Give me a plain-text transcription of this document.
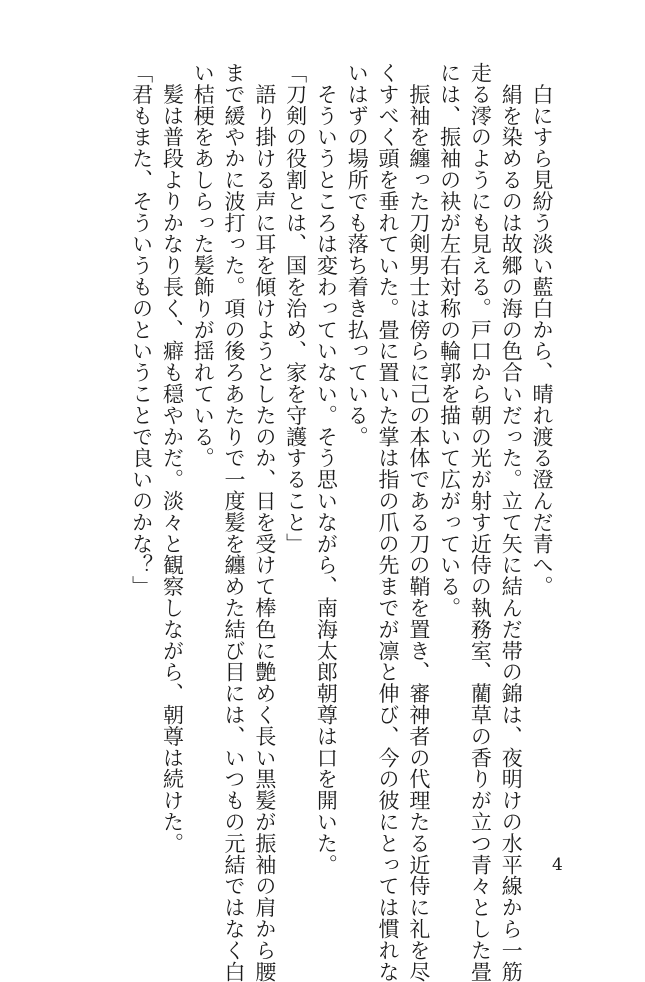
　白にすら見紛う淡い藍白から、晴れ渡る澄んだ青へ。
　絹を染めるのは故郷の海の色合いだった。立て矢に結んだ帯の錦は、夜明けの水平線から一筋
走る澪のようにも見える。戸口から朝の光が射す近侍の執務室、藺草の香りが立つ青々とした畳
には、振袖の袂が左右対称の輪郭を描いて広がっている。
　振袖を纏った刀剣男士は傍らに己の本体である刀の鞘を置き、審神者の代理たる近侍に礼を尽
くすべく頭を垂れていた。畳に置いた掌は指の爪の先までが凛と伸び、今の彼にとっては慣れな
いはずの場所でも落ち着き払っている。
　そういうところは変わっていない。そう思いながら、南海太郎朝尊は口を開いた。
「刀剣の役割とは、国を治め、家を守護すること」
　語り掛ける声に耳を傾けようとしたのか、日を受けて棒色に艶めく長い黒髪が振袖の肩から腰
まで緩やかに波打った。項の後ろあたりで一度髪を纏めた結び目には、いつもの元結ではなく白
い桔梗をあしらった髪飾りが揺れている。
　髪は普段よりかなり長く、癖も穏やかだ。淡々と観察しながら、朝尊は続けた。
「君もまた、そういうものということで良いのかな？」
4
